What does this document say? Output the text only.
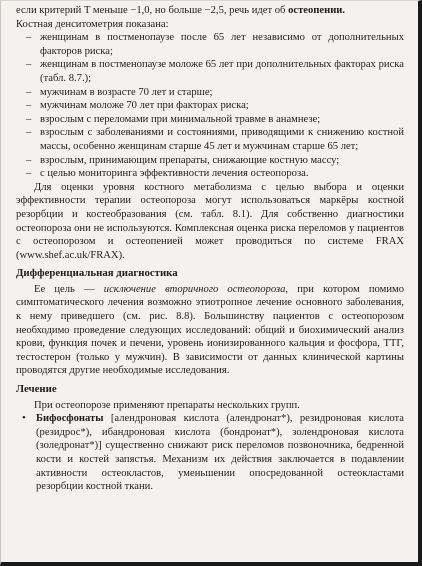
если критерий T меньше −1,0, но больше −2,5, речь идет об остеопении.

Костная денситометрия показана:

– женщинам в постменопаузе после 65 лет независимо от дополнительных факторов риска;
– женщинам в постменопаузе моложе 65 лет при дополнительных факторах риска (табл. 8.7.);
– мужчинам в возрасте 70 лет и старше;
– мужчинам моложе 70 лет при факторах риска;
– взрослым с переломами при минимальной травме в анамнезе;
– взрослым с заболеваниями и состояниями, приводящими к снижению костной массы, особенно женщинам старше 45 лет и мужчинам старше 65 лет;
– взрослым, принимающим препараты, снижающие костную массу;
– с целью мониторинга эффективности лечения остеопороза.

Для оценки уровня костного метаболизма с целью выбора и оценки эффективности терапии остеопороза могут использоваться маркёры костной резорбции и костеобразования (см. табл. 8.1). Для собственно диагностики остеопороза они не используются. Комплексная оценка риска переломов у пациентов с остеопорозом и остеопенией может проводиться по системе FRAX (www.shef.ac.uk/FRAX).

Дифференциальная диагностика

Ее цель — исключение вторичного остеопороза, при котором помимо симптоматического лечения возможно этиотропное лечение основного заболевания, к нему приведшего (см. рис. 8.8). Большинству пациентов с остеопорозом необходимо проведение следующих исследований: общий и биохимический анализ крови, функция почек и печени, уровень ионизированного кальция и фосфора, ТТГ, тестостерон (только у мужчин). В зависимости от данных клинической картины проводятся другие необходимые исследования.

Лечение

При остеопорозе применяют препараты нескольких групп.

• Бифосфонаты [алендроновая кислота (алендронат*), резидроновая кислота (резидрос*), ибандроновая кислота (бондронат*), золендроновая кислота (золедронат*)] существенно снижают риск переломов позвоночника, бедренной кости и костей запястья. Механизм их действия заключается в подавлении активности остеокластов, уменьшении опосредованной остеокластами резорбции костной ткани.
